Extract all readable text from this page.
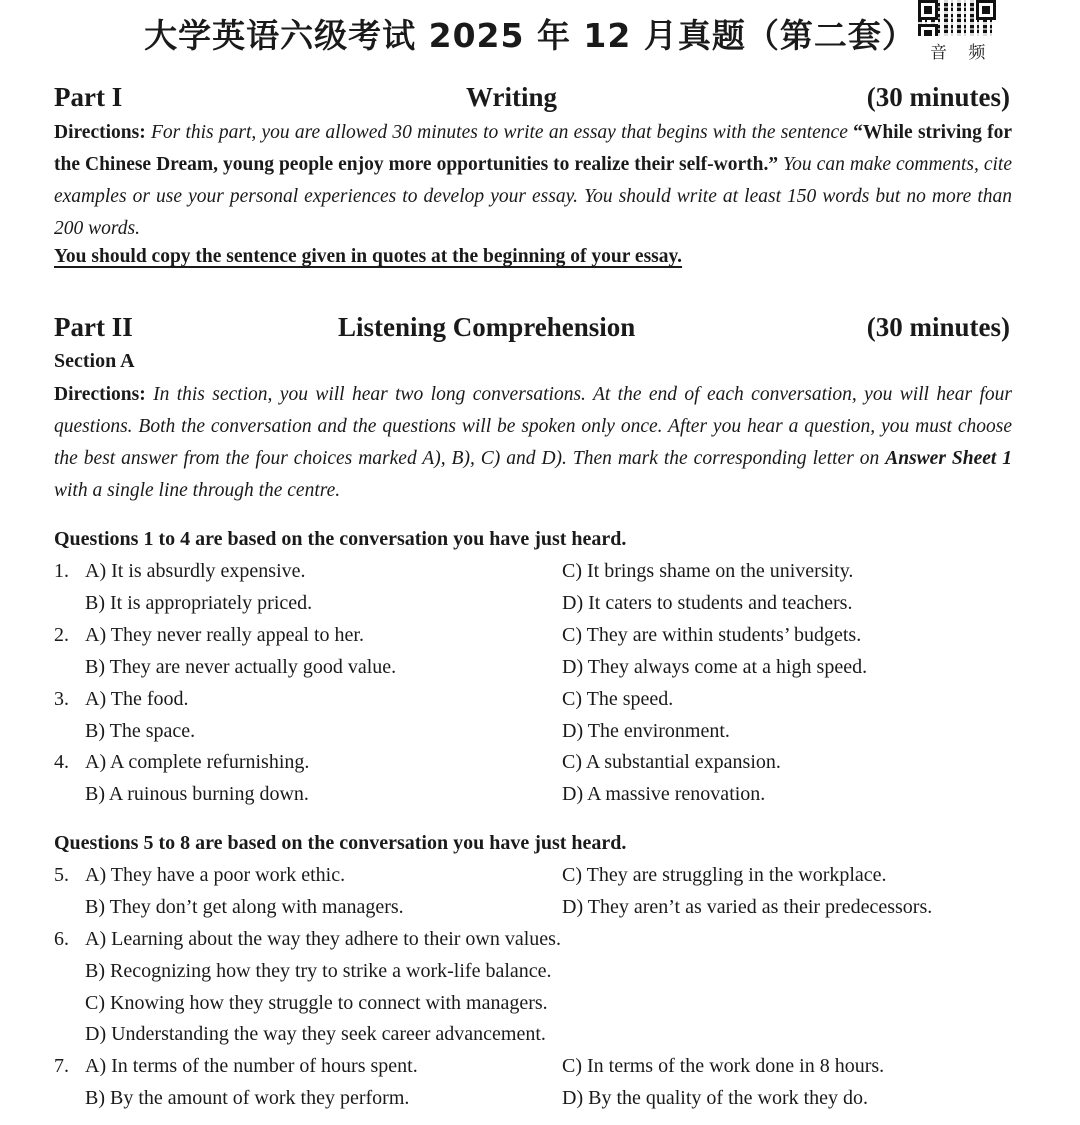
大学英语六级考试 2025 年 12 月真题（第二套） 音 频
Part I	Writing	(30 minutes)
Directions: For this part, you are allowed 30 minutes to write an essay that begins with the sentence “While striving for the Chinese Dream, young people enjoy more opportunities to realize their self-worth.” You can make comments, cite examples or use your personal experiences to develop your essay. You should write at least 150 words but no more than 200 words.
You should copy the sentence given in quotes at the beginning of your essay.
Part II	Listening Comprehension	(30 minutes)
Section A
Directions: In this section, you will hear two long conversations. At the end of each conversation, you will hear four questions. Both the conversation and the questions will be spoken only once. After you hear a question, you must choose the best answer from the four choices marked A), B), C) and D). Then mark the corresponding letter on Answer Sheet 1 with a single line through the centre.
Questions 1 to 4 are based on the conversation you have just heard.
1. A) It is absurdly expensive.	C) It brings shame on the university.
B) It is appropriately priced.	D) It caters to students and teachers.
2. A) They never really appeal to her.	C) They are within students’ budgets.
B) They are never actually good value.	D) They always come at a high speed.
3. A) The food.	C) The speed.
B) The space.	D) The environment.
4. A) A complete refurnishing.	C) A substantial expansion.
B) A ruinous burning down.	D) A massive renovation.
Questions 5 to 8 are based on the conversation you have just heard.
5. A) They have a poor work ethic.	C) They are struggling in the workplace.
B) They don’t get along with managers.	D) They aren’t as varied as their predecessors.
6. A) Learning about the way they adhere to their own values.
B) Recognizing how they try to strike a work-life balance.
C) Knowing how they struggle to connect with managers.
D) Understanding the way they seek career advancement.
7. A) In terms of the number of hours spent.	C) In terms of the work done in 8 hours.
B) By the amount of work they perform.	D) By the quality of the work they do.
